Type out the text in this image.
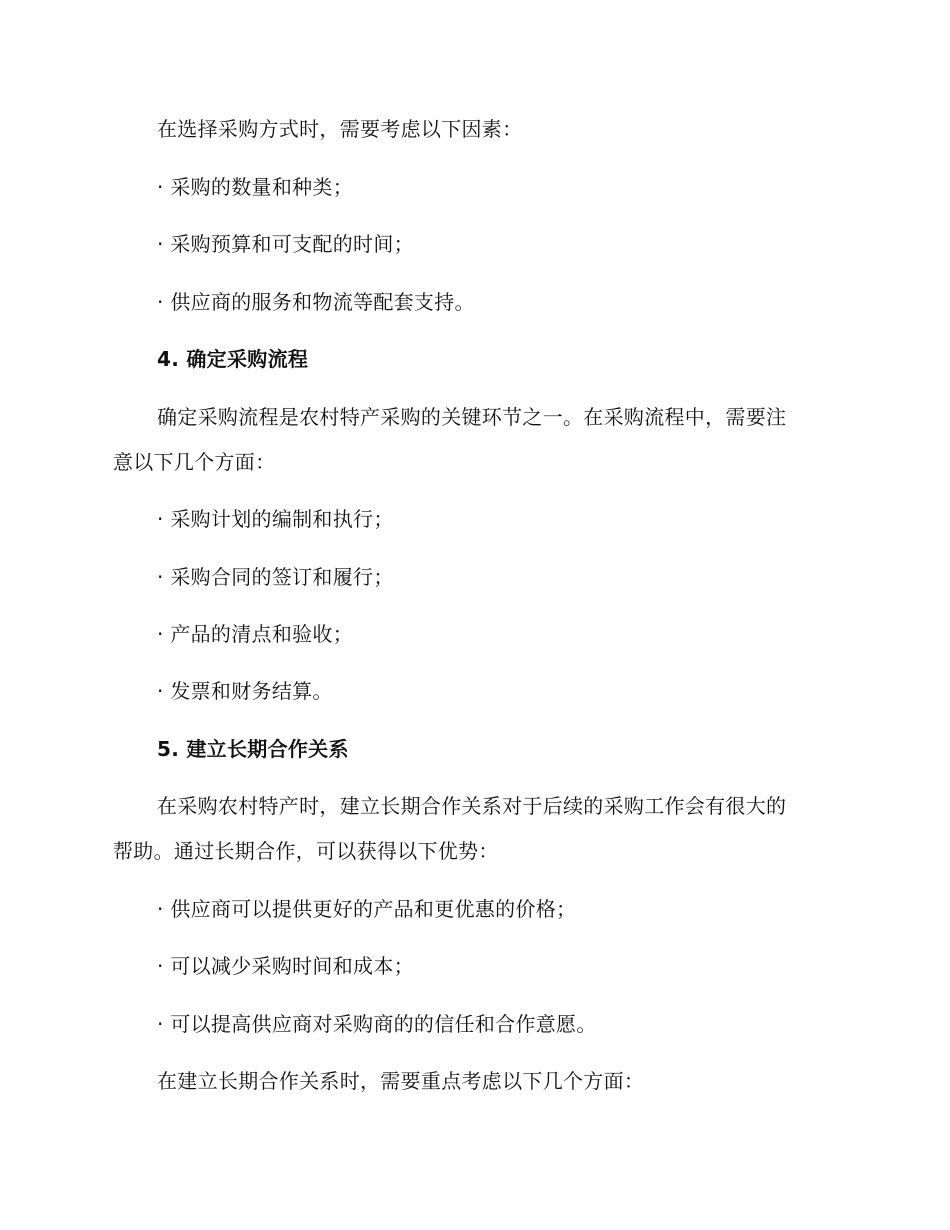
在选择采购方式时，需要考虑以下因素：
· 采购的数量和种类；
· 采购预算和可支配的时间；
· 供应商的服务和物流等配套支持。
4. 确定采购流程
确定采购流程是农村特产采购的关键环节之一。在采购流程中，需要注
意以下几个方面：
· 采购计划的编制和执行；
· 采购合同的签订和履行；
· 产品的清点和验收；
· 发票和财务结算。
5. 建立长期合作关系
在采购农村特产时，建立长期合作关系对于后续的采购工作会有很大的
帮助。通过长期合作，可以获得以下优势：
· 供应商可以提供更好的产品和更优惠的价格；
· 可以减少采购时间和成本；
· 可以提高供应商对采购商的的信任和合作意愿。
在建立长期合作关系时，需要重点考虑以下几个方面：
